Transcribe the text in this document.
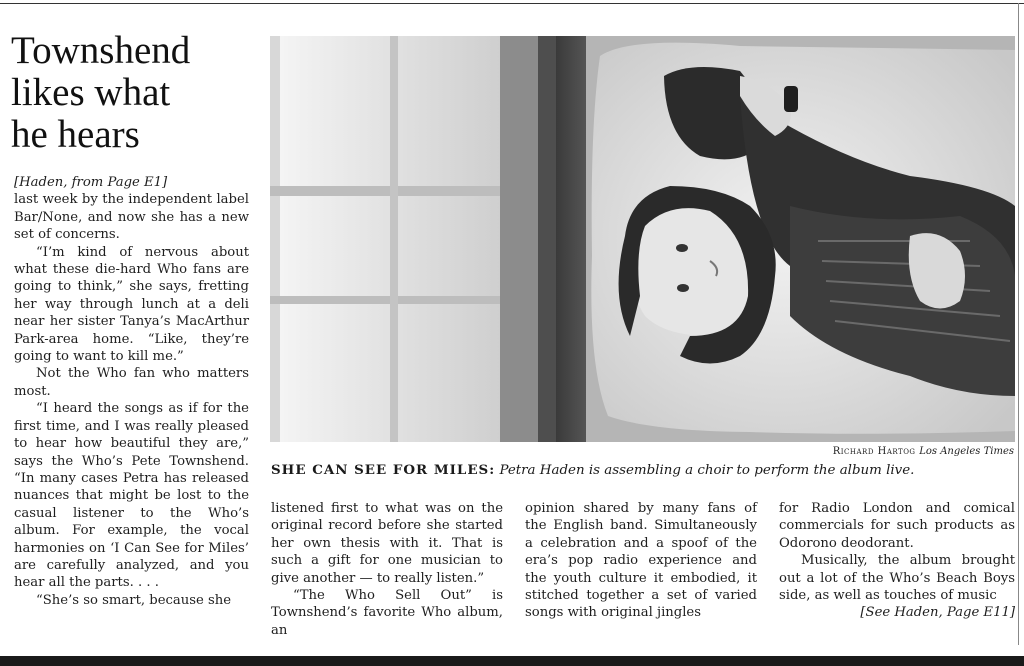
Townshend
likes what
he hears

[Haden, from Page E1]

last week by the independent label Bar/None, and now she has a new set of concerns.

“I’m kind of nervous about what these die-hard Who fans are going to think,” she says, fretting her way through lunch at a deli near her sister Tanya’s MacArthur Park-area home. “Like, they’re going to want to kill me.”

Not the Who fan who matters most.

“I heard the songs as if for the first time, and I was really pleased to hear how beautiful they are,” says the Who’s Pete Townshend. “In many cases Petra has released nuances that might be lost to the casual listener to the Who’s album. For example, the vocal harmonies on ‘I Can See for Miles’ are carefully analyzed, and you hear all the parts. . . .

“She’s so smart, because she

Richard Hartog Los Angeles Times
SHE CAN SEE FOR MILES: Petra Haden is assembling a choir to perform the album live.

listened first to what was on the original record before she started her own thesis with it. That is such a gift for one musician to give another — to really listen.”

“The Who Sell Out” is Townshend’s favorite Who album, an

opinion shared by many fans of the English band. Simultaneously a celebration and a spoof of the era’s pop radio experience and the youth culture it embodied, it stitched together a set of varied songs with original jingles

for Radio London and comical commercials for such products as Odorono deodorant.

Musically, the album brought out a lot of the Who’s Beach Boys side, as well as touches of music

[See Haden, Page E11]
